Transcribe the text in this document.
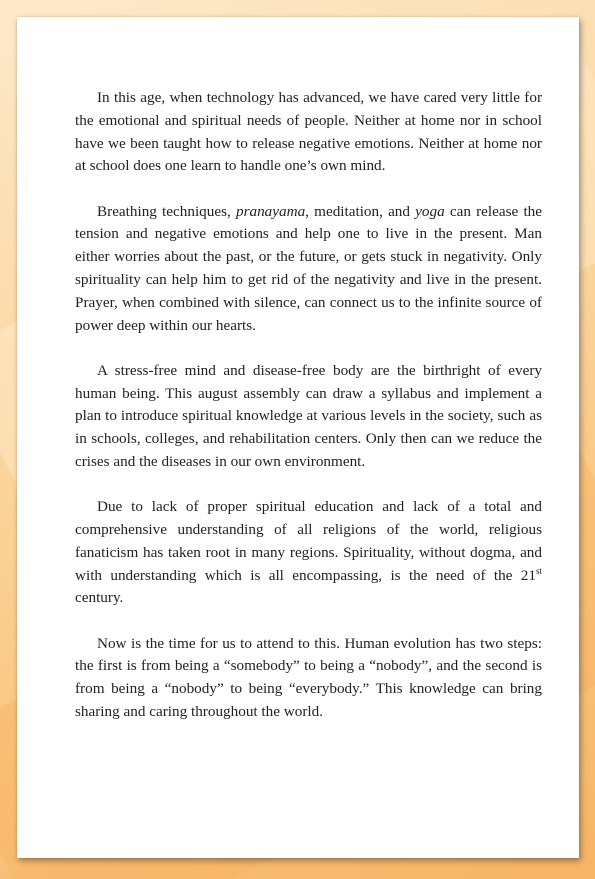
In this age, when technology has advanced, we have cared very little for the emotional and spiritual needs of people. Neither at home nor in school have we been taught how to release negative emotions. Neither at home nor at school does one learn to handle one’s own mind.

Breathing techniques, pranayama, meditation, and yoga can release the tension and negative emotions and help one to live in the present. Man either worries about the past, or the future, or gets stuck in negativity. Only spirituality can help him to get rid of the negativity and live in the present. Prayer, when combined with silence, can connect us to the infinite source of power deep within our hearts.

A stress-free mind and disease-free body are the birthright of every human being. This august assembly can draw a syllabus and implement a plan to introduce spiritual knowledge at various levels in the society, such as in schools, colleges, and rehabilitation centers. Only then can we reduce the crises and the diseases in our own environment.

Due to lack of proper spiritual education and lack of a total and comprehensive understanding of all religions of the world, religious fanaticism has taken root in many regions. Spirituality, without dogma, and with understanding which is all encompassing, is the need of the 21st century.

Now is the time for us to attend to this. Human evolution has two steps: the first is from being a “somebody” to being a “nobody”, and the second is from being a “nobody” to being “everybody.” This knowledge can bring sharing and caring throughout the world.
